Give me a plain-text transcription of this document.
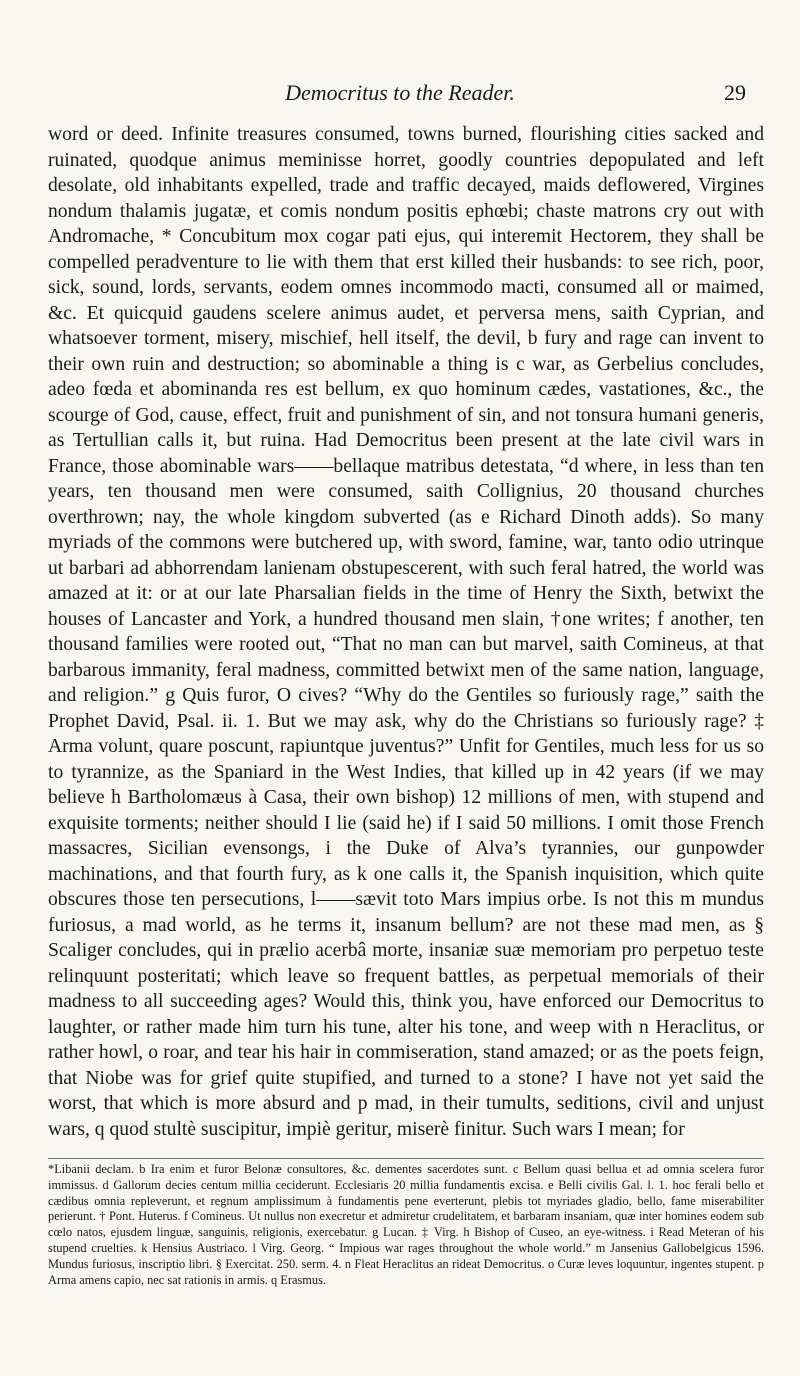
Democritus to the Reader.	29

word or deed. Infinite treasures consumed, towns burned, flourishing cities sacked and ruinated, quodque animus meminisse horret, goodly countries depopulated and left desolate, old inhabitants expelled, trade and traffic decayed, maids deflowered, Virgines nondum thalamis jugatæ, et comis nondum positis ephœbi; chaste matrons cry out with Andromache, * Concubitum mox cogar pati ejus, qui interemit Hectorem, they shall be compelled peradventure to lie with them that erst killed their husbands: to see rich, poor, sick, sound, lords, servants, eodem omnes incommodo macti, consumed all or maimed, &c. Et quicquid gaudens scelere animus audet, et perversa mens, saith Cyprian, and whatsoever torment, misery, mischief, hell itself, the devil, b fury and rage can invent to their own ruin and destruction; so abominable a thing is c war, as Gerbelius concludes, adeo fœda et abominanda res est bellum, ex quo hominum cædes, vastationes, &c., the scourge of God, cause, effect, fruit and punishment of sin, and not tonsura humani generis, as Tertullian calls it, but ruina. Had Democritus been present at the late civil wars in France, those abominable wars——bellaque matribus detestata, “d where, in less than ten years, ten thousand men were consumed, saith Collignius, 20 thousand churches overthrown; nay, the whole kingdom subverted (as e Richard Dinoth adds). So many myriads of the commons were butchered up, with sword, famine, war, tanto odio utrinque ut barbari ad abhorrendam lanienam obstupescerent, with such feral hatred, the world was amazed at it: or at our late Pharsalian fields in the time of Henry the Sixth, betwixt the houses of Lancaster and York, a hundred thousand men slain, †one writes; f another, ten thousand families were rooted out, “That no man can but marvel, saith Comineus, at that barbarous immanity, feral madness, committed betwixt men of the same nation, language, and religion.” g Quis furor, O cives? “Why do the Gentiles so furiously rage,” saith the Prophet David, Psal. ii. 1. But we may ask, why do the Christians so furiously rage? ‡ Arma volunt, quare poscunt, rapiuntque juventus?” Unfit for Gentiles, much less for us so to tyrannize, as the Spaniard in the West Indies, that killed up in 42 years (if we may believe h Bartholomæus à Casa, their own bishop) 12 millions of men, with stupend and exquisite torments; neither should I lie (said he) if I said 50 millions. I omit those French massacres, Sicilian evensongs, i the Duke of Alva’s tyrannies, our gunpowder machinations, and that fourth fury, as k one calls it, the Spanish inquisition, which quite obscures those ten persecutions, l——sævit toto Mars impius orbe. Is not this m mundus furiosus, a mad world, as he terms it, insanum bellum? are not these mad men, as § Scaliger concludes, qui in prælio acerbâ morte, insaniæ suæ memoriam pro perpetuo teste relinquunt posteritati; which leave so frequent battles, as perpetual memorials of their madness to all succeeding ages? Would this, think you, have enforced our Democritus to laughter, or rather made him turn his tune, alter his tone, and weep with n Heraclitus, or rather howl, o roar, and tear his hair in commiseration, stand amazed; or as the poets feign, that Niobe was for grief quite stupified, and turned to a stone? I have not yet said the worst, that which is more absurd and p mad, in their tumults, seditions, civil and unjust wars, q quod stultè suscipitur, impiè geritur, miserè finitur. Such wars I mean; for

*Libanii declam. b Ira enim et furor Belonæ consultores, &c. dementes sacerdotes sunt. c Bellum quasi bellua et ad omnia scelera furor immissus. d Gallorum decies centum millia ceciderunt. Ecclesiaris 20 millia fundamentis excisa. e Belli civilis Gal. l. 1. hoc ferali bello et cædibus omnia repleverunt, et regnum amplissimum à fundamentis pene everterunt, plebis tot myriades gladio, bello, fame miserabiliter perierunt. † Pont. Huterus. f Comineus. Ut nullus non execretur et admiretur crudelitatem, et barbaram insaniam, quæ inter homines eodem sub cœlo natos, ejusdem linguæ, sanguinis, religionis, exercebatur. g Lucan. ‡ Virg. h Bishop of Cuseo, an eye-witness. i Read Meteran of his stupend cruelties. k Hensius Austriaco. l Virg. Georg. “ Impious war rages throughout the whole world.” m Jansenius Gallobelgicus 1596. Mundus furiosus, inscriptio libri. § Exercitat. 250. serm. 4. n Fleat Heraclitus an rideat Democritus. o Curæ leves loquuntur, ingentes stupent. p Arma amens capio, nec sat rationis in armis. q Erasmus.
